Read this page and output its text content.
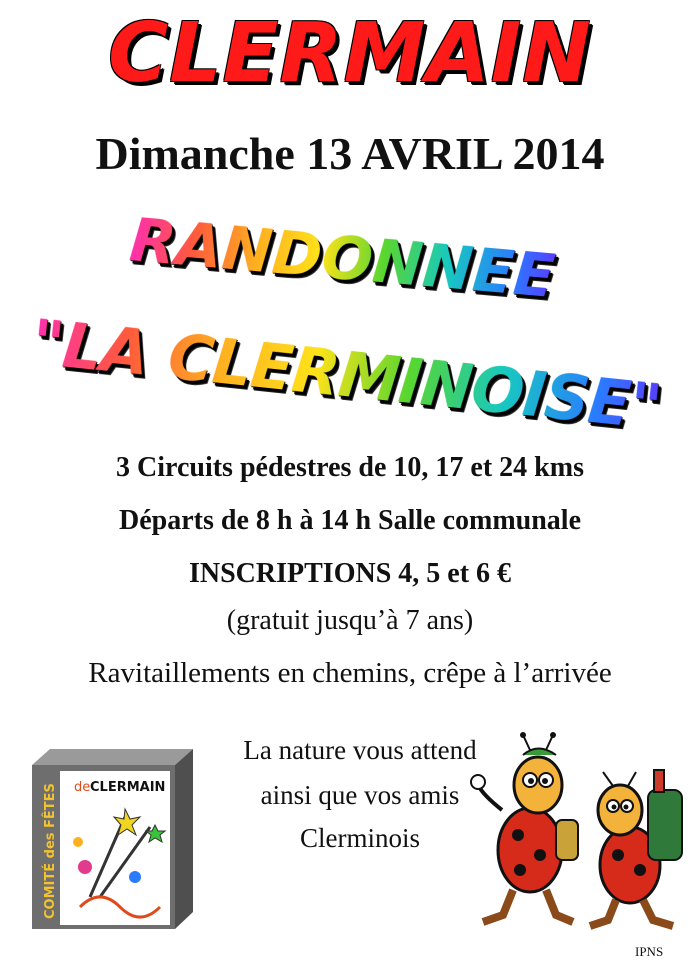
CLERMAIN
Dimanche 13 AVRIL 2014
RANDONNEE
"LA CLERMINOISE"
3 Circuits pédestres de 10, 17 et 24 kms
Départs de 8 h à 14 h Salle communale
INSCRIPTIONS 4, 5 et 6 €
(gratuit jusqu’à 7 ans)
Ravitaillements en chemins, crêpe à l’arrivée
La nature vous attend
ainsi que vos amis
Clerminois
de CLERMAIN
COMITÉ des FÊTES
IPNS
